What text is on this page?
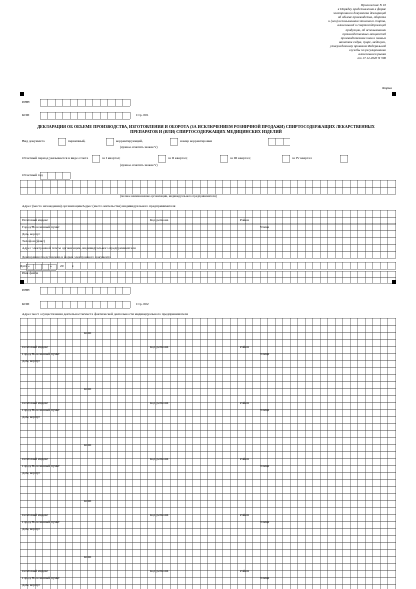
Приложение N 10
к Порядку представления в форме
электронного документа деклараций
об объеме производства, оборота
и (или) использования этилового спирта,
алкогольной и спиртосодержащей
продукции, об использовании
производственных мощностей
производителями пива и пивных
напитков сидра, пуаре, медовухи,
утвержденному приказом Федеральной
службы по регулированию
алкогольного рынка
от 17.12.2020 N 396
Форма
ДЕКЛАРАЦИЯ ОБ ОБЪЕМЕ ПРОИЗВОДСТВА, ИЗГОТОВЛЕНИЯ И ОБОРОТА (ЗА ИСКЛЮЧЕНИЕМ РОЗНИЧНОЙ ПРОДАЖИ) СПИРТОСОДЕРЖАЩИХ ЛЕКАРСТВЕННЫХ
ПРЕПАРАТОВ И (ИЛИ) СПИРТОСОДЕРЖАЩИХ МЕДИЦИНСКИХ ИЗДЕЛИЙ
ИНН
КПП	Стр. 001
Вид документа	первичный,	корректирующий,	номер корректировки
(нужное отметить знаком V)
Отчетный период указывается в виде отчета	за I квартал;	за II квартал;	за III квартал;	за IV квартал
(нужное отметить знаком V)
Отчетный год
(полное наименование организации, индивидуального предпринимателя)
Адрес (место нахождения) организации/Адрес (место жительства) индивидуального предпринимателя
Почтовый индекс	Код региона	Район
Город/Населенный пункт	Улица
Дом, корпус
Телефон (факс)
Адрес электронной почты организации, индивидуального предпринимателя
Декларация представлена в форме электронного документа
Дата «	» 20 г.
Имя файла
ИНН
КПП	Стр. 002
Адрес мест осуществления деятельности/места фактической деятельности индивидуального предпринимателя
КПП
Почтовый индекс	Код региона	Район
Город/Населенный пункт	Улица
Дом, корпус
КПП
Почтовый индекс	Код региона	Район
Город/Населенный пункт	Улица
Дом, корпус
КПП
Почтовый индекс	Код региона	Район
Город/Населенный пункт	Улица
Дом, корпус
КПП
Почтовый индекс	Код региона	Район
Город/Населенный пункт	Улица
Дом, корпус
КПП
Почтовый индекс	Код региона	Район
Город/Населенный пункт	Улица
Дом, корпус
